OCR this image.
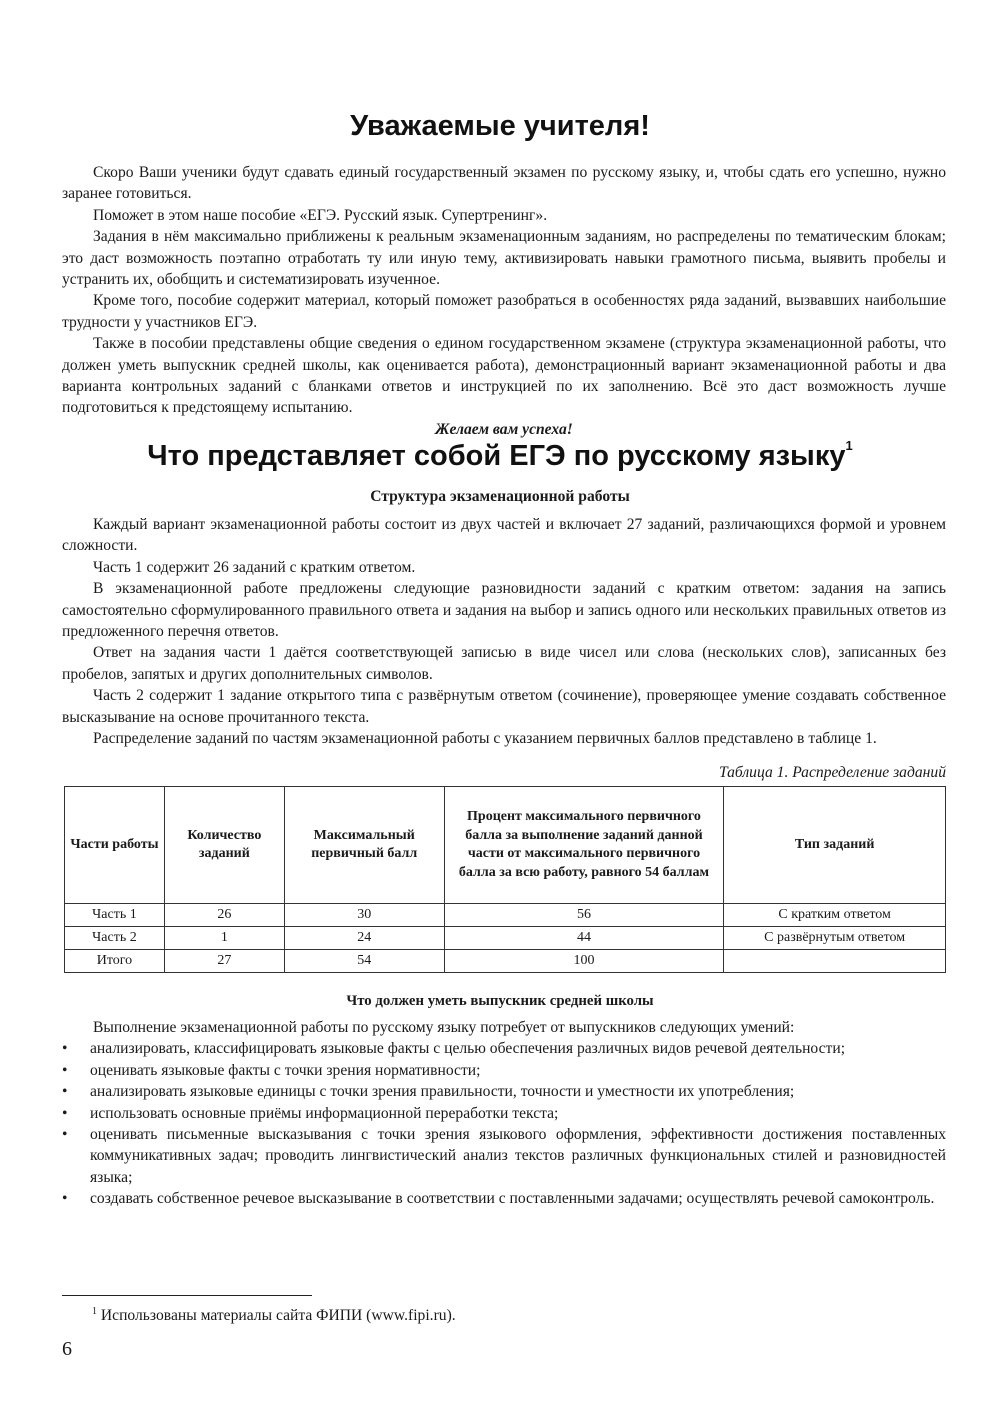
Уважаемые учителя!

Скоро Ваши ученики будут сдавать единый государственный экзамен по русскому языку, и, чтобы сдать его успешно, нужно заранее готовиться.

Поможет в этом наше пособие «ЕГЭ. Русский язык. Супертренинг».

Задания в нём максимально приближены к реальным экзаменационным заданиям, но распределены по тематическим блокам; это даст возможность поэтапно отработать ту или иную тему, активизировать навыки грамотного письма, выявить пробелы и устранить их, обобщить и систематизировать изученное.

Кроме того, пособие содержит материал, который поможет разобраться в особенностях ряда заданий, вызвавших наибольшие трудности у участников ЕГЭ.

Также в пособии представлены общие сведения о едином государственном экзамене (структура экзаменационной работы, что должен уметь выпускник средней школы, как оценивается работа), демонстрационный вариант экзаменационной работы и два варианта контрольных заданий с бланками ответов и инструкцией по их заполнению. Всё это даст возможность лучше подготовиться к предстоящему испытанию.

Желаем вам успеха!

Что представляет собой ЕГЭ по русскому языку$^1$

Структура экзаменационной работы

Каждый вариант экзаменационной работы состоит из двух частей и включает 27 заданий, различающихся формой и уровнем сложности.

Часть 1 содержит 26 заданий с кратким ответом.

В экзаменационной работе предложены следующие разновидности заданий с кратким ответом: задания на запись самостоятельно сформулированного правильного ответа и задания на выбор и запись одного или нескольких правильных ответов из предложенного перечня ответов.

Ответ на задания части 1 даётся соответствующей записью в виде чисел или слова (нескольких слов), записанных без пробелов, запятых и других дополнительных символов.

Часть 2 содержит 1 задание открытого типа с развёрнутым ответом (сочинение), проверяющее умение создавать собственное высказывание на основе прочитанного текста.

Распределение заданий по частям экзаменационной работы с указанием первичных баллов представлено в таблице 1.

Таблица 1. Распределение заданий
Части работы	Количество заданий	Максимальный первичный балл	Процент максимального первичного балла за выполнение заданий данной части от максимального первичного балла за всю работу, равного 54 баллам	Тип заданий
Часть 1	26	30	56	С кратким ответом
Часть 2	1	24	44	С развёрнутым ответом
Итого	27	54	100	

Что должен уметь выпускник средней школы

Выполнение экзаменационной работы по русскому языку потребует от выпускников следующих умений:

• анализировать, классифицировать языковые факты с целью обеспечения различных видов речевой деятельности;
• оценивать языковые факты с точки зрения нормативности;
• анализировать языковые единицы с точки зрения правильности, точности и уместности их употребления;
• использовать основные приёмы информационной переработки текста;
• оценивать письменные высказывания с точки зрения языкового оформления, эффективности достижения поставленных коммуникативных задач; проводить лингвистический анализ текстов различных функциональных стилей и разновидностей языка;
• создавать собственное речевое высказывание в соответствии с поставленными задачами; осуществлять речевой самоконтроль.
$^1$ Использованы материалы сайта ФИПИ (www.fipi.ru).
6
